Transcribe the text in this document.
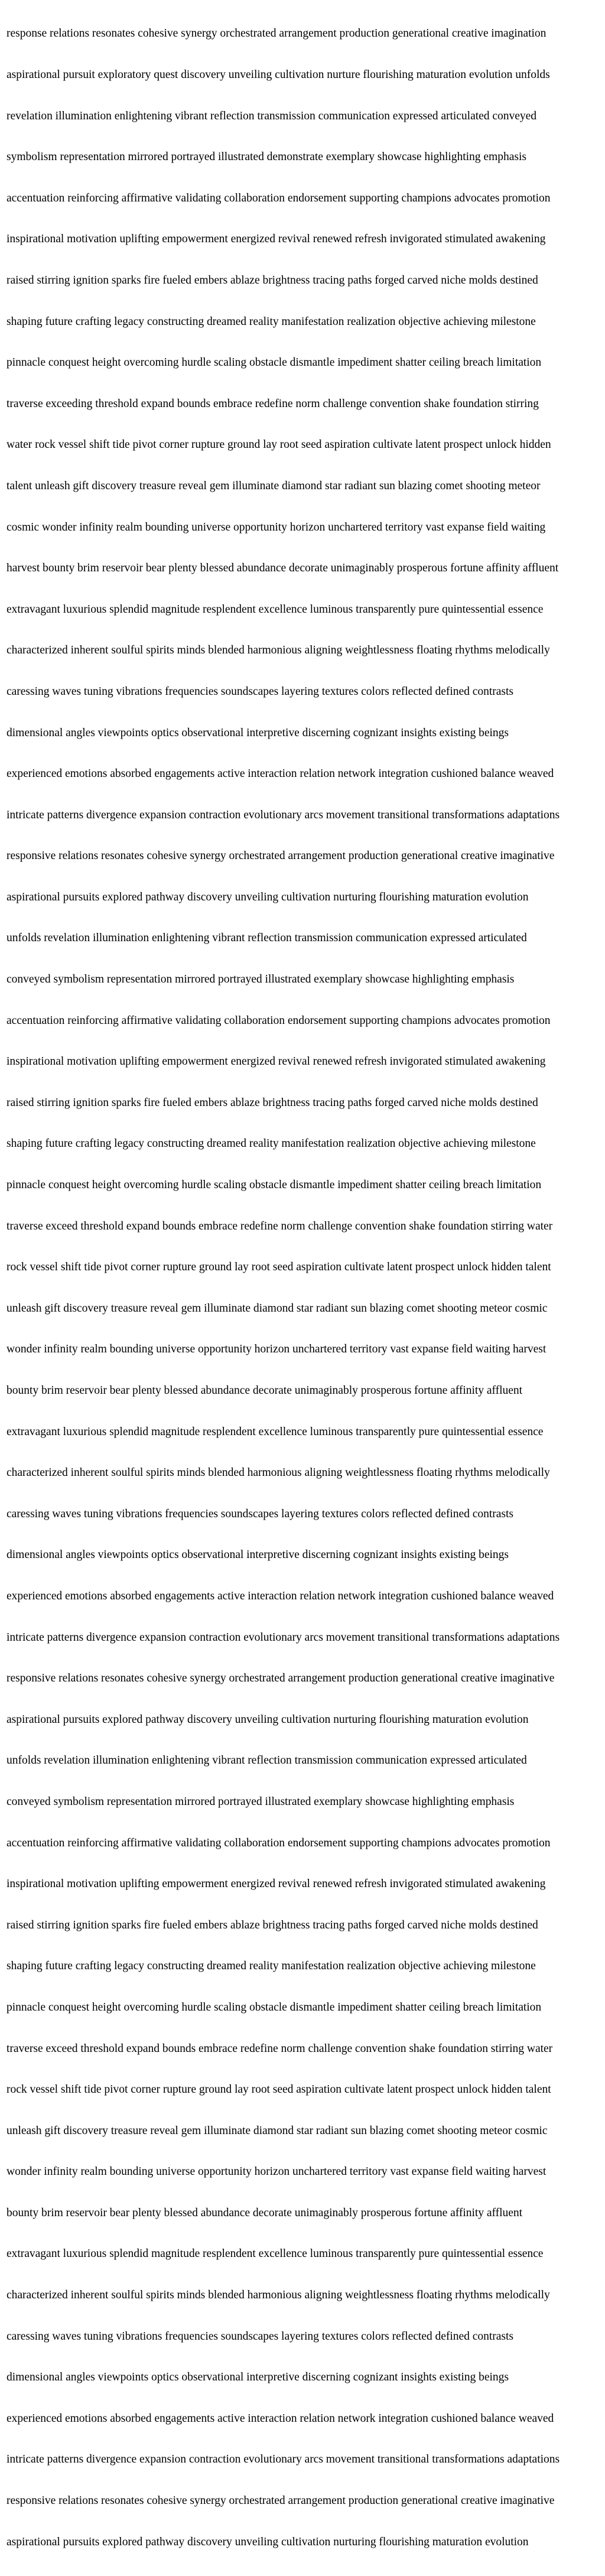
response relations resonates cohesive synergy orchestrated arrangement production generational creative imagination

aspirational pursuit exploratory quest discovery unveiling cultivation nurture flourishing maturation evolution unfolds

revelation illumination enlightening vibrant reflection transmission communication expressed articulated conveyed

symbolism representation mirrored portrayed illustrated demonstrate exemplary showcase highlighting emphasis

accentuation reinforcing affirmative validating collaboration endorsement supporting champions advocates promotion

inspirational motivation uplifting empowerment energized revival renewed refresh invigorated stimulated awakening

raised stirring ignition sparks fire fueled embers ablaze brightness tracing paths forged carved niche molds destined

shaping future crafting legacy constructing dreamed reality manifestation realization objective achieving milestone

pinnacle conquest height overcoming hurdle scaling obstacle dismantle impediment shatter ceiling breach limitation

traverse exceeding threshold expand bounds embrace redefine norm challenge convention shake foundation stirring

water rock vessel shift tide pivot corner rupture ground lay root seed aspiration cultivate latent prospect unlock hidden

talent unleash gift discovery treasure reveal gem illuminate diamond star radiant sun blazing comet shooting meteor

cosmic wonder infinity realm bounding universe opportunity horizon unchartered territory vast expanse field waiting

harvest bounty brim reservoir bear plenty blessed abundance decorate unimaginably prosperous fortune affinity affluent

extravagant luxurious splendid magnitude resplendent excellence luminous transparently pure quintessential essence

characterized inherent soulful spirits minds blended harmonious aligning weightlessness floating rhythms melodically

caressing waves tuning vibrations frequencies soundscapes layering textures colors reflected defined contrasts

dimensional angles viewpoints optics observational interpretive discerning cognizant insights existing beings

experienced emotions absorbed engagements active interaction relation network integration cushioned balance weaved

intricate patterns divergence expansion contraction evolutionary arcs movement transitional transformations adaptations

responsive relations resonates cohesive synergy orchestrated arrangement production generational creative imaginative

aspirational pursuits explored pathway discovery unveiling cultivation nurturing flourishing maturation evolution

unfolds revelation illumination enlightening vibrant reflection transmission communication expressed articulated

conveyed symbolism representation mirrored portrayed illustrated exemplary showcase highlighting emphasis

accentuation reinforcing affirmative validating collaboration endorsement supporting champions advocates promotion

inspirational motivation uplifting empowerment energized revival renewed refresh invigorated stimulated awakening

raised stirring ignition sparks fire fueled embers ablaze brightness tracing paths forged carved niche molds destined

shaping future crafting legacy constructing dreamed reality manifestation realization objective achieving milestone

pinnacle conquest height overcoming hurdle scaling obstacle dismantle impediment shatter ceiling breach limitation

traverse exceed threshold expand bounds embrace redefine norm challenge convention shake foundation stirring water

rock vessel shift tide pivot corner rupture ground lay root seed aspiration cultivate latent prospect unlock hidden talent

unleash gift discovery treasure reveal gem illuminate diamond star radiant sun blazing comet shooting meteor cosmic

wonder infinity realm bounding universe opportunity horizon unchartered territory vast expanse field waiting harvest

bounty brim reservoir bear plenty blessed abundance decorate unimaginably prosperous fortune affinity affluent

extravagant luxurious splendid magnitude resplendent excellence luminous transparently pure quintessential essence

characterized inherent soulful spirits minds blended harmonious aligning weightlessness floating rhythms melodically

caressing waves tuning vibrations frequencies soundscapes layering textures colors reflected defined contrasts

dimensional angles viewpoints optics observational interpretive discerning cognizant insights existing beings

experienced emotions absorbed engagements active interaction relation network integration cushioned balance weaved

intricate patterns divergence expansion contraction evolutionary arcs movement transitional transformations adaptations

responsive relations resonates cohesive synergy orchestrated arrangement production generational creative imaginative

aspirational pursuits explored pathway discovery unveiling cultivation nurturing flourishing maturation evolution

unfolds revelation illumination enlightening vibrant reflection transmission communication expressed articulated

conveyed symbolism representation mirrored portrayed illustrated exemplary showcase highlighting emphasis

accentuation reinforcing affirmative validating collaboration endorsement supporting champions advocates promotion

inspirational motivation uplifting empowerment energized revival renewed refresh invigorated stimulated awakening

raised stirring ignition sparks fire fueled embers ablaze brightness tracing paths forged carved niche molds destined

shaping future crafting legacy constructing dreamed reality manifestation realization objective achieving milestone

pinnacle conquest height overcoming hurdle scaling obstacle dismantle impediment shatter ceiling breach limitation

traverse exceed threshold expand bounds embrace redefine norm challenge convention shake foundation stirring water

rock vessel shift tide pivot corner rupture ground lay root seed aspiration cultivate latent prospect unlock hidden talent

unleash gift discovery treasure reveal gem illuminate diamond star radiant sun blazing comet shooting meteor cosmic

wonder infinity realm bounding universe opportunity horizon unchartered territory vast expanse field waiting harvest

bounty brim reservoir bear plenty blessed abundance decorate unimaginably prosperous fortune affinity affluent

extravagant luxurious splendid magnitude resplendent excellence luminous transparently pure quintessential essence

characterized inherent soulful spirits minds blended harmonious aligning weightlessness floating rhythms melodically

caressing waves tuning vibrations frequencies soundscapes layering textures colors reflected defined contrasts

dimensional angles viewpoints optics observational interpretive discerning cognizant insights existing beings

experienced emotions absorbed engagements active interaction relation network integration cushioned balance weaved

intricate patterns divergence expansion contraction evolutionary arcs movement transitional transformations adaptations

responsive relations resonates cohesive synergy orchestrated arrangement production generational creative imaginative

aspirational pursuits explored pathway discovery unveiling cultivation nurturing flourishing maturation evolution
